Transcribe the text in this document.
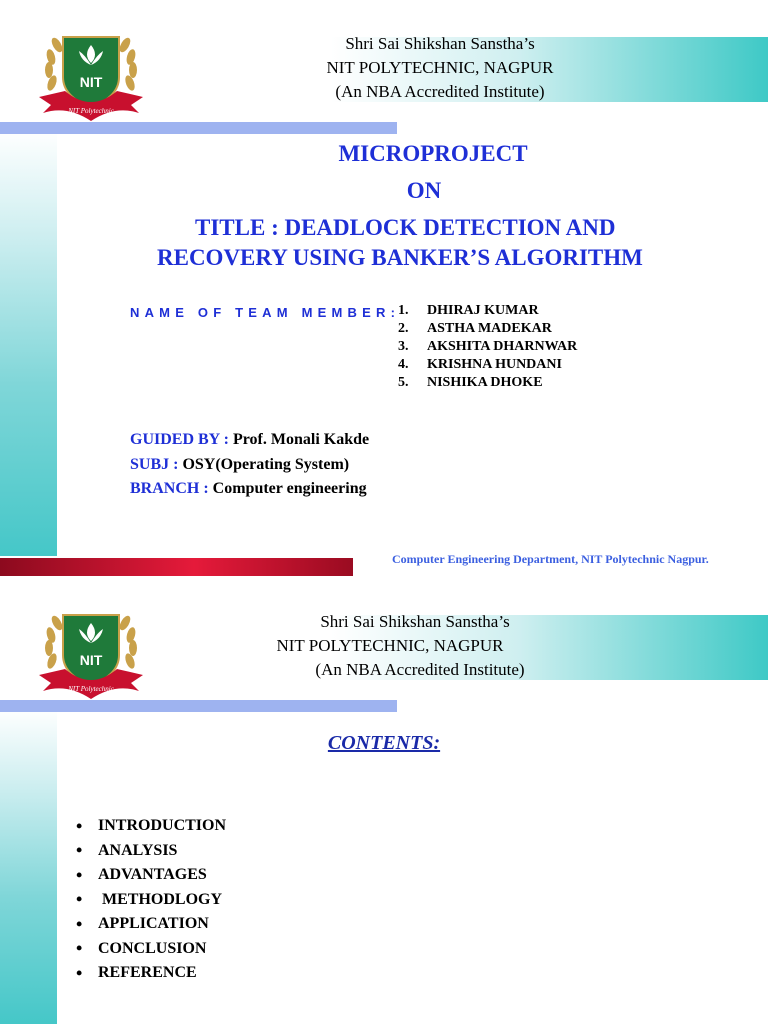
NIT
NIT Polytechnic
Shri Sai Shikshan Sanstha’s
NIT POLYTECHNIC, NAGPUR
(An NBA Accredited Institute)
MICROPROJECT
ON
TITLE : DEADLOCK DETECTION AND
RECOVERY USING BANKER’S ALGORITHM
NAME OF TEAM MEMBER:
1.	DHIRAJ KUMAR
2.	ASTHA MADEKAR
3.	AKSHITA DHARNWAR
4.	KRISHNA HUNDANI
5.	NISHIKA DHOKE
GUIDED BY : Prof. Monali Kakde
SUBJ : OSY(Operating System)
BRANCH : Computer engineering
Computer Engineering Department, NIT Polytechnic Nagpur.
NIT
NIT Polytechnic
Shri Sai Shikshan Sanstha’s
NIT POLYTECHNIC, NAGPUR
(An NBA Accredited Institute)
CONTENTS:
• INTRODUCTION
• ANALYSIS
• ADVANTAGES
• METHODLOGY
• APPLICATION
• CONCLUSION
• REFERENCE
